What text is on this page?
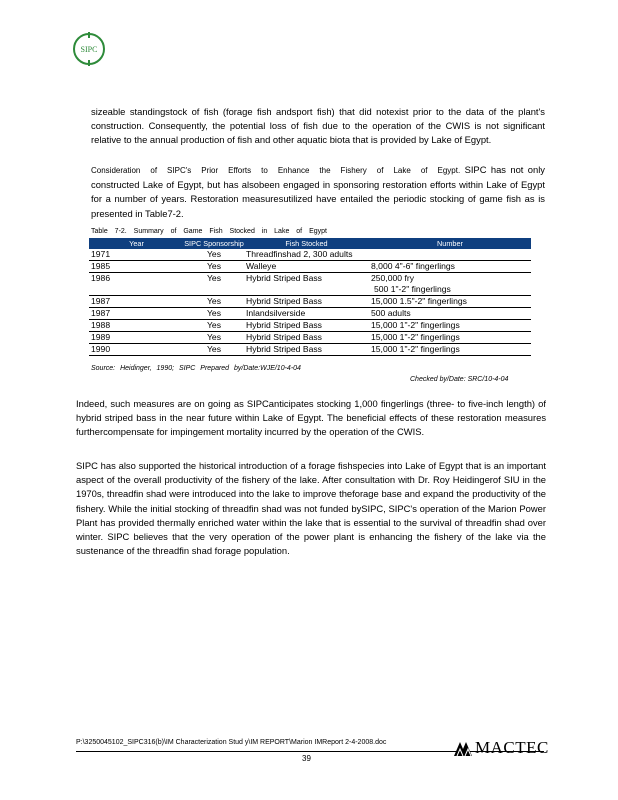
SIPC
sizeable standingstock of fish (forage fish andsport fish) that did notexist prior to the data of the plant's construction. Consequently, the potential loss of fish due to the operation of the CWIS is not significant relative to the annual production of fish and other aquatic biota that is provided by Lake of Egypt.
Consideration of SIPC's Prior Efforts to Enhance the Fishery of Lake of Egypt. SIPC has not only constructed Lake of Egypt, but has alsobeen engaged in sponsoring restoration efforts within Lake of Egypt for a number of years. Restoration measuresutilized have entailed the periodic stocking of game fish as is presented in Table7-2.
Table 7-2. Summary of Game Fish Stocked in Lake of Egypt
Year	SIPC Sponsorship	Fish Stocked	Number
1971	Yes	Threadfinshad 2, 300 adults	
1985	Yes	Walleye	8,000 4"-6" fingerlings
1986	Yes	Hybrid Striped Bass	250,000 fry
500 1"-2" fingerlings

1987	Yes	Hybrid Striped Bass	15,000 1.5"-2" fingerlings
1987	Yes	Inlandsilverside	500 adults
1988	Yes	Hybrid Striped Bass	15,000 1"-2" fingerlings
1989	Yes	Hybrid Striped Bass	15,000 1"-2" fingerlings
1990	Yes	Hybrid Striped Bass	15,000 1"-2" fingerlings
Source: Heidinger, 1990; SIPC Prepared by/Date:WJE/10-4-04
Checked by/Date: SRC/10-4-04
Indeed, such measures are on going as SIPCanticipates stocking 1,000 fingerlings (three- to five-inch length) of hybrid striped bass in the near future within Lake of Egypt. The beneficial effects of these restoration measures furthercompensate for impingement mortality incurred by the operation of the CWIS.
SIPC has also supported the historical introduction of a forage fishspecies into Lake of Egypt that is an important aspect of the overall productivity of the fishery of the lake. After consultation with Dr. Roy Heidingerof SIU in the 1970s, threadfin shad were introduced into the lake to improve theforage base and expand the productivity of the fishery. While the initial stocking of threadfin shad was not funded bySIPC, SIPC's operation of the Marion Power Plant has provided thermally enriched water within the lake that is essential to the survival of threadfin shad over winter. SIPC believes that the very operation of the power plant is enhancing the fishery of the lake via the sustenance of the threadfin shad forage population.
P:\3250045102_SIPC316(b)\IM Characterization Stud y\IM REPORT\Marion IMReport 2-4-2008.doc
39
MACTEC
